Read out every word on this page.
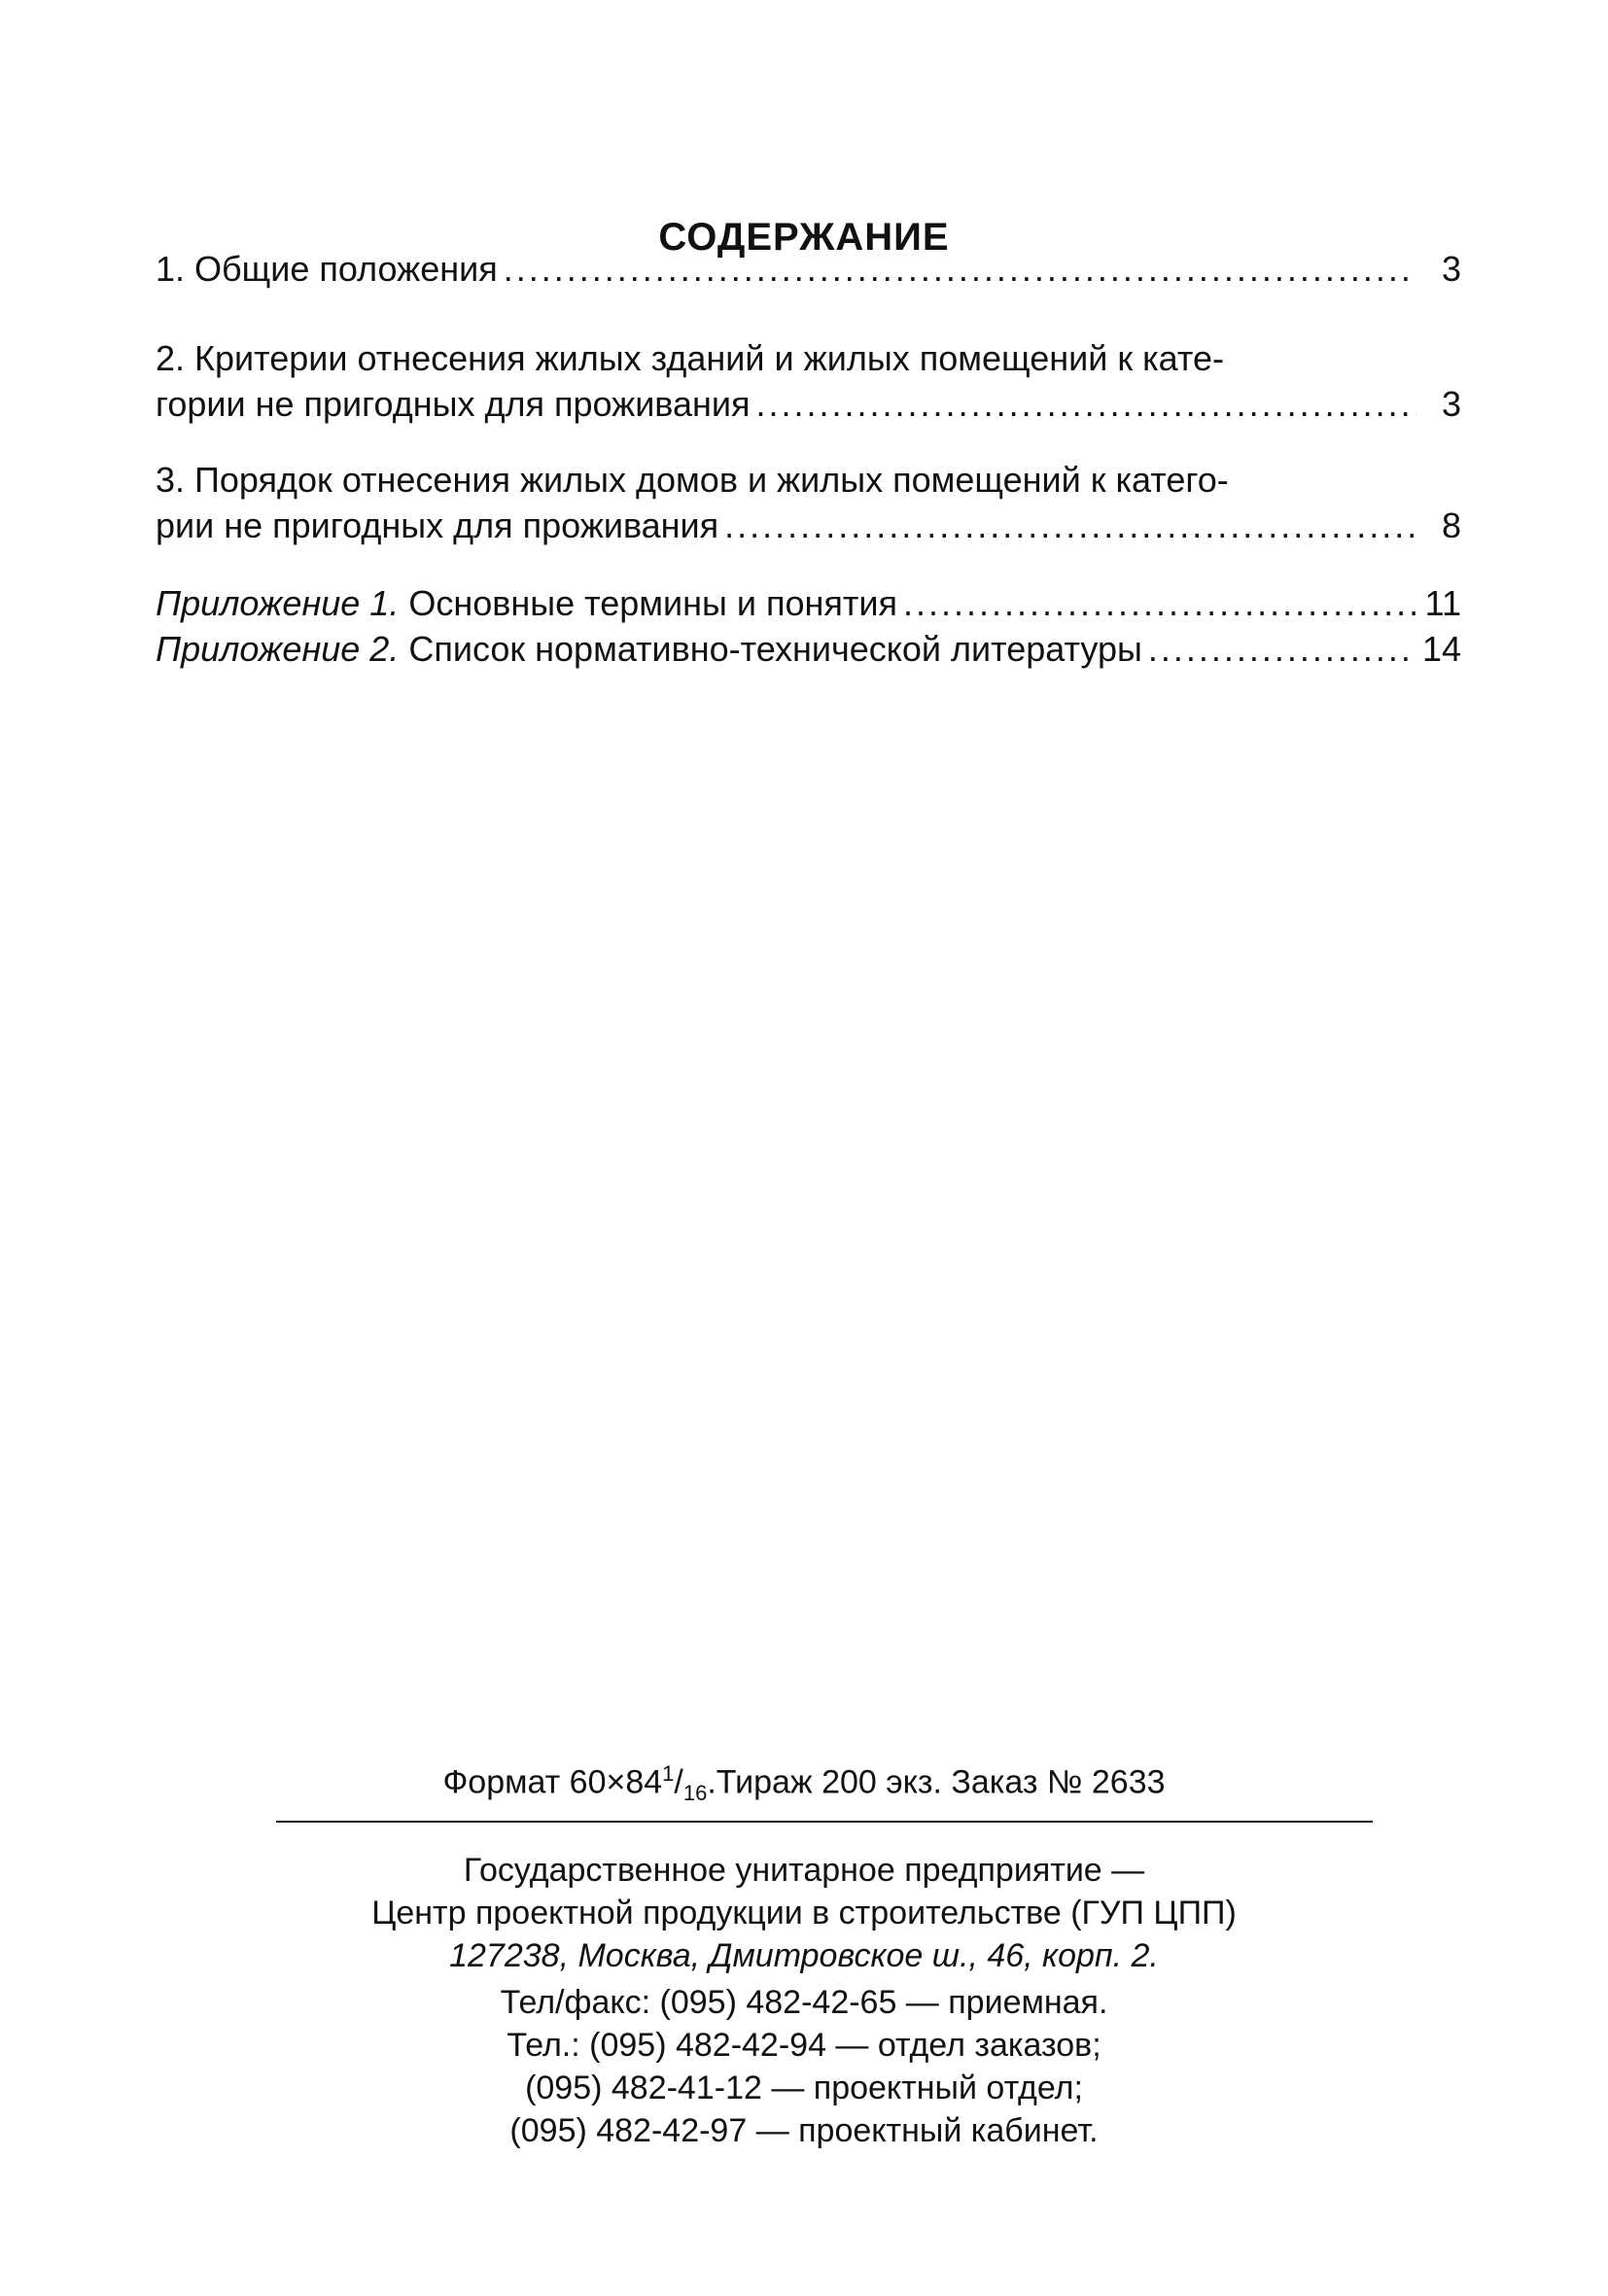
СОДЕРЖАНИЕ
1. Общие положения .....	3
2. Критерии отнесения жилых зданий и жилых помещений к кате-
гории не пригодных для проживания .....	3
3. Порядок отнесения жилых домов и жилых помещений к катего-
рии не пригодных для проживания .....	8
Приложение 1. Основные термины и понятия .....	11
Приложение 2. Список нормативно-технической литературы .....	14
Формат $60\times 84^1/_{16}.Тираж$ 200 экз. Заказ № 2633
Государственное унитарное предприятие —
Центр проектной продукции в строительстве (ГУП ЦПП)
127238, Москва, Дмитровское ш., 46, корп. 2.
Тел/факс: (095) 482-42-65 — приемная.
Тел.: (095) 482-42-94 — отдел заказов;
(095) 482-41-12 — проектный отдел;
(095) 482-42-97 — проектный кабинет.
